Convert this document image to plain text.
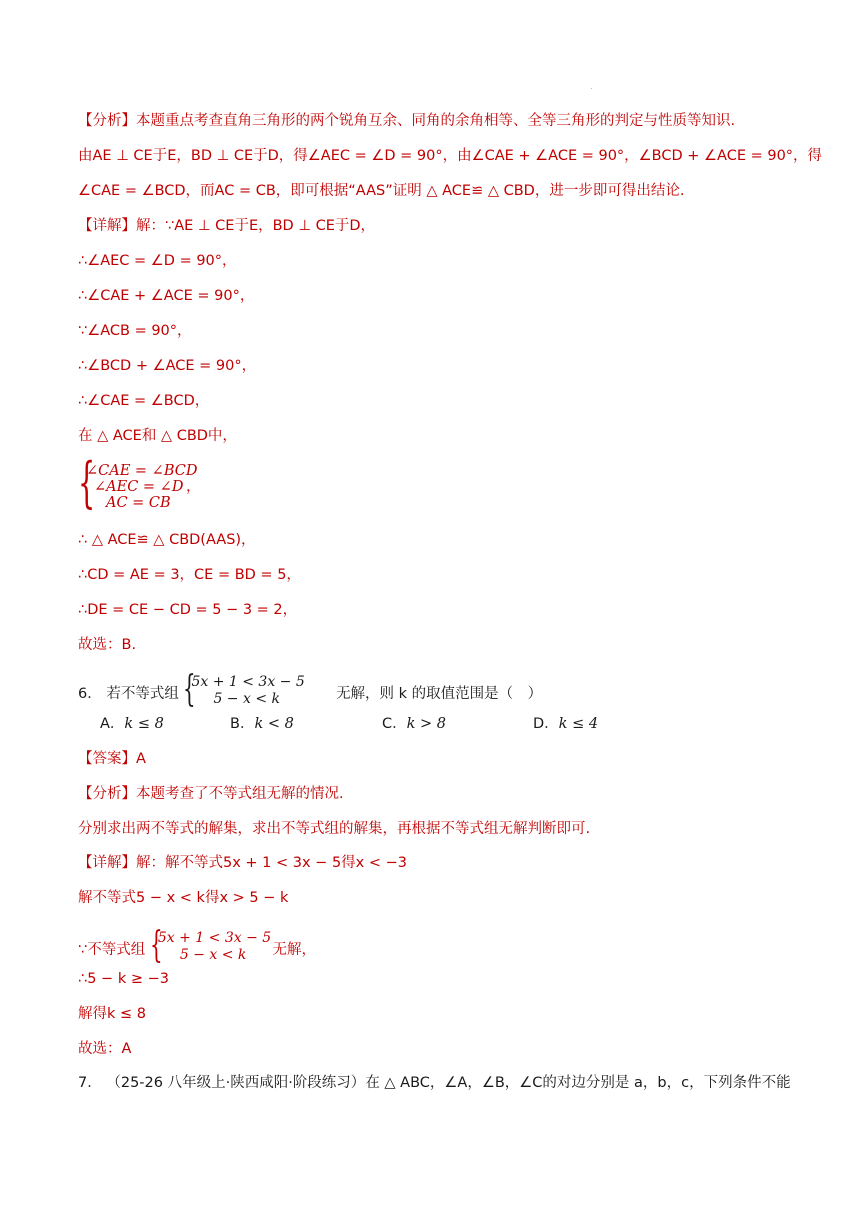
【分析】本题重点考查直角三角形的两个锐角互余、同角的余角相等、全等三角形的判定与性质等知识.
由AE ⊥ CE于E，BD ⊥ CE于D，得∠AEC = ∠D = 90°，由∠CAE + ∠ACE = 90°，∠BCD + ∠ACE = 90°，得
∠CAE = ∠BCD，而AC = CB，即可根据“AAS”证明 △ ACE≌ △ CBD，进一步即可得出结论.
【详解】解：∵AE ⊥ CE于E，BD ⊥ CE于D，
∴∠AEC = ∠D = 90°，
∴∠CAE + ∠ACE = 90°，
∵∠ACB = 90°，
∴∠BCD + ∠ACE = 90°，
∴∠CAE = ∠BCD，
在 △ ACE和 △ CBD中，
{
∠CAE = ∠BCD
∠AEC = ∠D
AC = CB
，
∴ △ ACE≌ △ CBD(AAS)，
∴CD = AE = 3，CE = BD = 5，
∴DE = CE − CD = 5 − 3 = 2，
故选：B.
6． 若不等式组 {
5x + 1 < 3x − 5
5 − x < k	无解，则 k 的取值范围是（　）
A．k ≤ 8	B．k < 8	C．k > 8	D．k ≤ 4
【答案】A
【分析】本题考查了不等式组无解的情况.
分别求出两不等式的解集，求出不等式组的解集，再根据不等式组无解判断即可.
【详解】解：解不等式5x + 1 < 3x − 5得x < −3
解不等式5 − x < k得x > 5 − k
∵不等式组 {
5x + 1 < 3x − 5
5 − x < k 无解，
∴5 − k ≥ −3
解得k ≤ 8
故选：A
7． （25-26 八年级上·陕西咸阳·阶段练习）在 △ ABC，∠A，∠B，∠C的对边分别是 a，b，c，下列条件不能
